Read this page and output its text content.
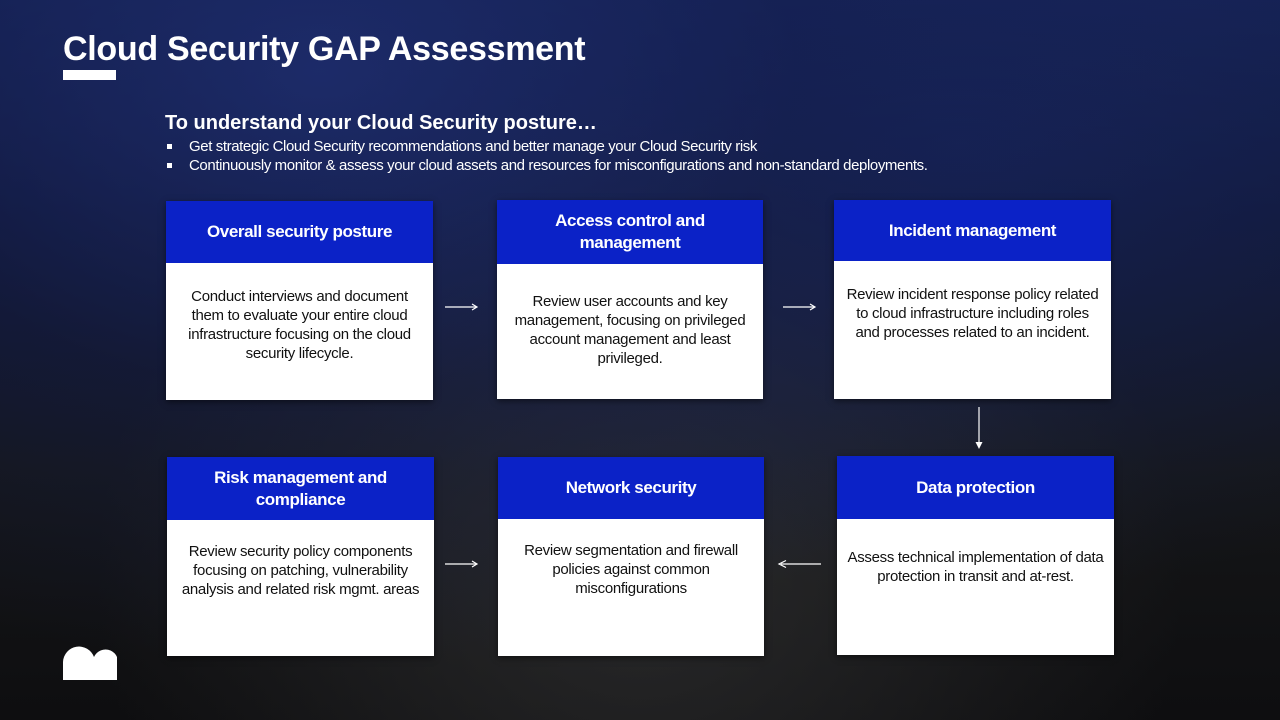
Cloud Security GAP Assessment

To understand your Cloud Security posture…

Get strategic Cloud Security recommendations and better manage your Cloud Security risk
Continuously monitor & assess your cloud assets and resources for misconfigurations and non-standard deployments.
Overall security posture
Conduct interviews and document them to evaluate your entire cloud infrastructure focusing on the cloud security lifecycle.
Access control and management
Review user accounts and key management, focusing on privileged account management and least privileged.
Incident management
Review incident response policy related to cloud infrastructure including roles and processes related to an incident.
Risk management and compliance
Review security policy components focusing on patching, vulnerability analysis and related risk mgmt. areas
Network security
Review segmentation and firewall policies against common misconfigurations
Data protection
Assess technical implementation of data protection in transit and at-rest.
